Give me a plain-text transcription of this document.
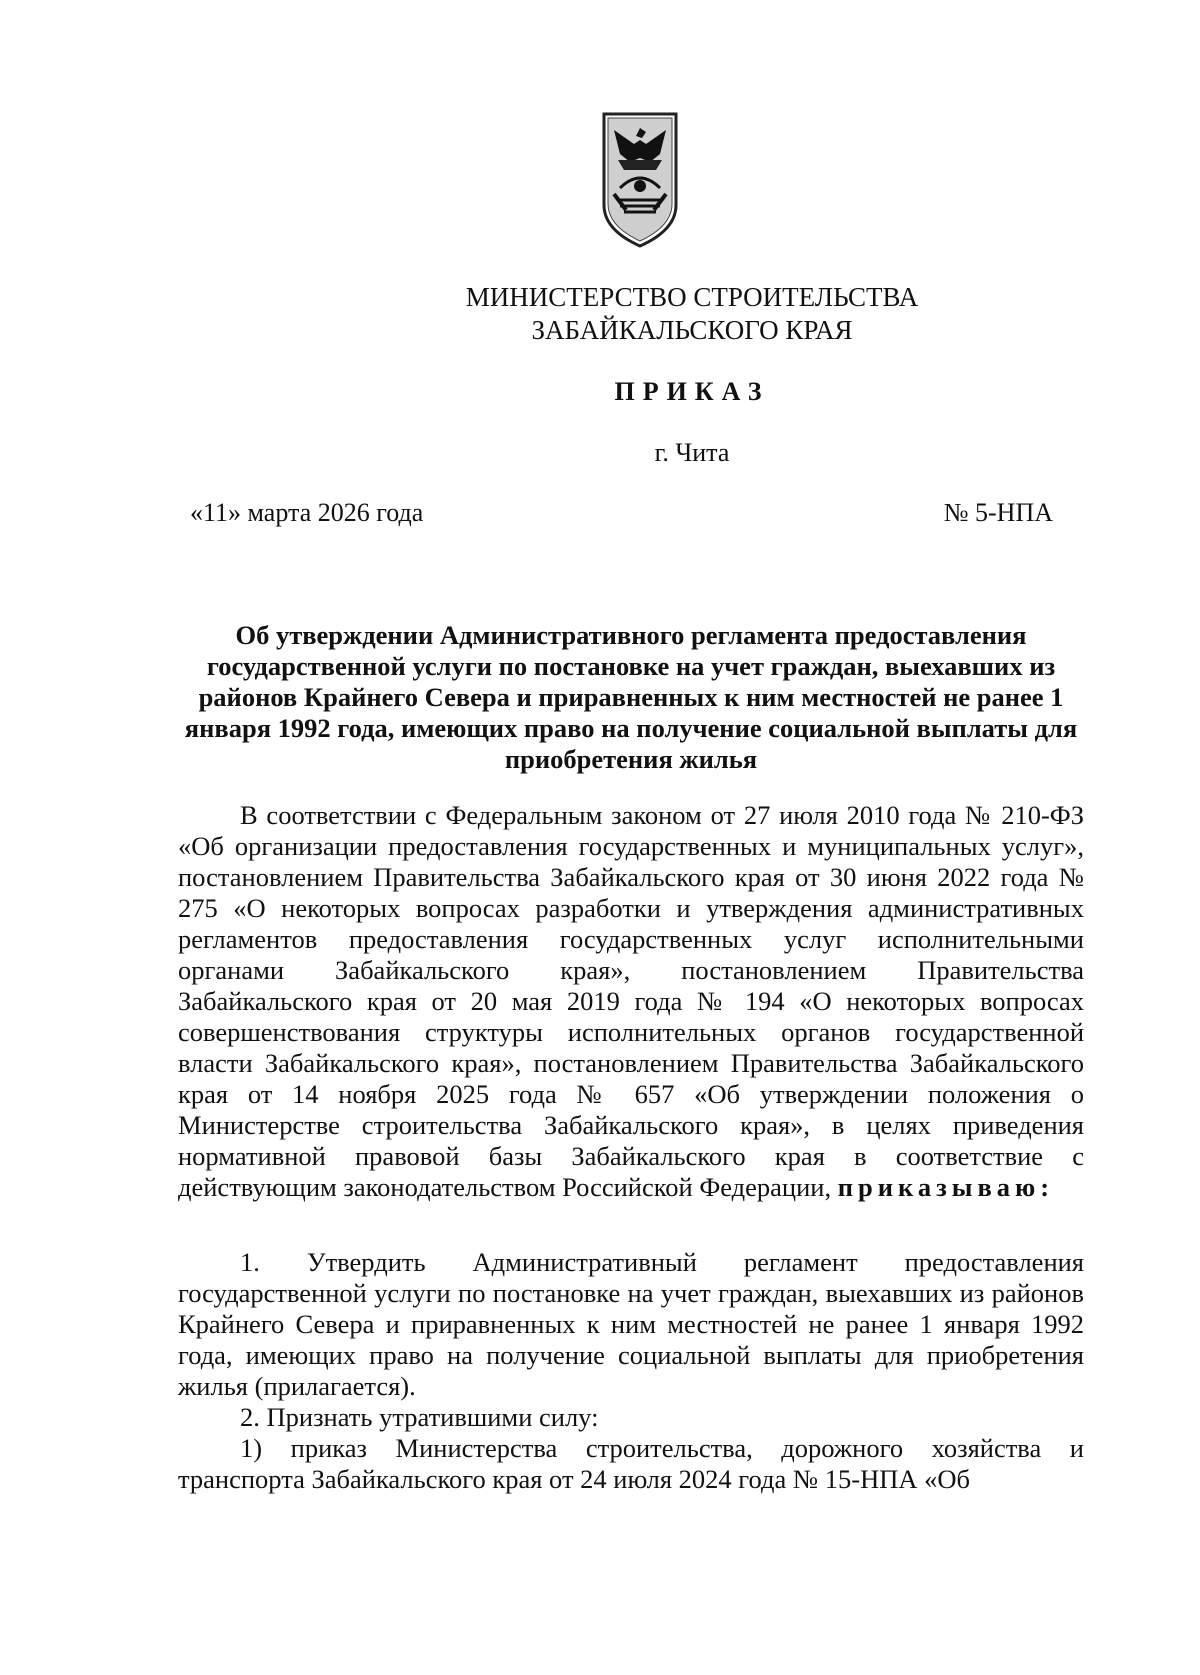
МИНИСТЕРСТВО СТРОИТЕЛЬСТВА
ЗАБАЙКАЛЬСКОГО КРАЯ
ПРИКАЗ
г. Чита
«11» марта 2026 года	№ 5-НПА
Об утверждении Административного регламента предоставления государственной услуги по постановке на учет граждан, выехавших из районов Крайнего Севера и приравненных к ним местностей не ранее 1 января 1992 года, имеющих право на получение социальной выплаты для приобретения жилья
В соответствии с Федеральным законом от 27 июля 2010 года № 210-ФЗ «Об организации предоставления государственных и муниципальных услуг», постановлением Правительства Забайкальского края от 30 июня 2022 года № 275 «О некоторых вопросах разработки и утверждения административных регламентов предоставления государственных услуг исполнительными органами Забайкальского края», постановлением Правительства Забайкальского края от 20 мая 2019 года № 194 «О некоторых вопросах совершенствования структуры исполнительных органов государственной власти Забайкальского края», постановлением Правительства Забайкальского края от 14 ноября 2025 года № 657 «Об утверждении положения о Министерстве строительства Забайкальского края», в целях приведения нормативной правовой базы Забайкальского края в соответствие с действующим законодательством Российской Федерации, приказываю:
1. Утвердить Административный регламент предоставления государственной услуги по постановке на учет граждан, выехавших из районов Крайнего Севера и приравненных к ним местностей не ранее 1 января 1992 года, имеющих право на получение социальной выплаты для приобретения жилья (прилагается).
2. Признать утратившими силу:
1) приказ Министерства строительства, дорожного хозяйства и транспорта Забайкальского края от 24 июля 2024 года № 15-НПА «Об
